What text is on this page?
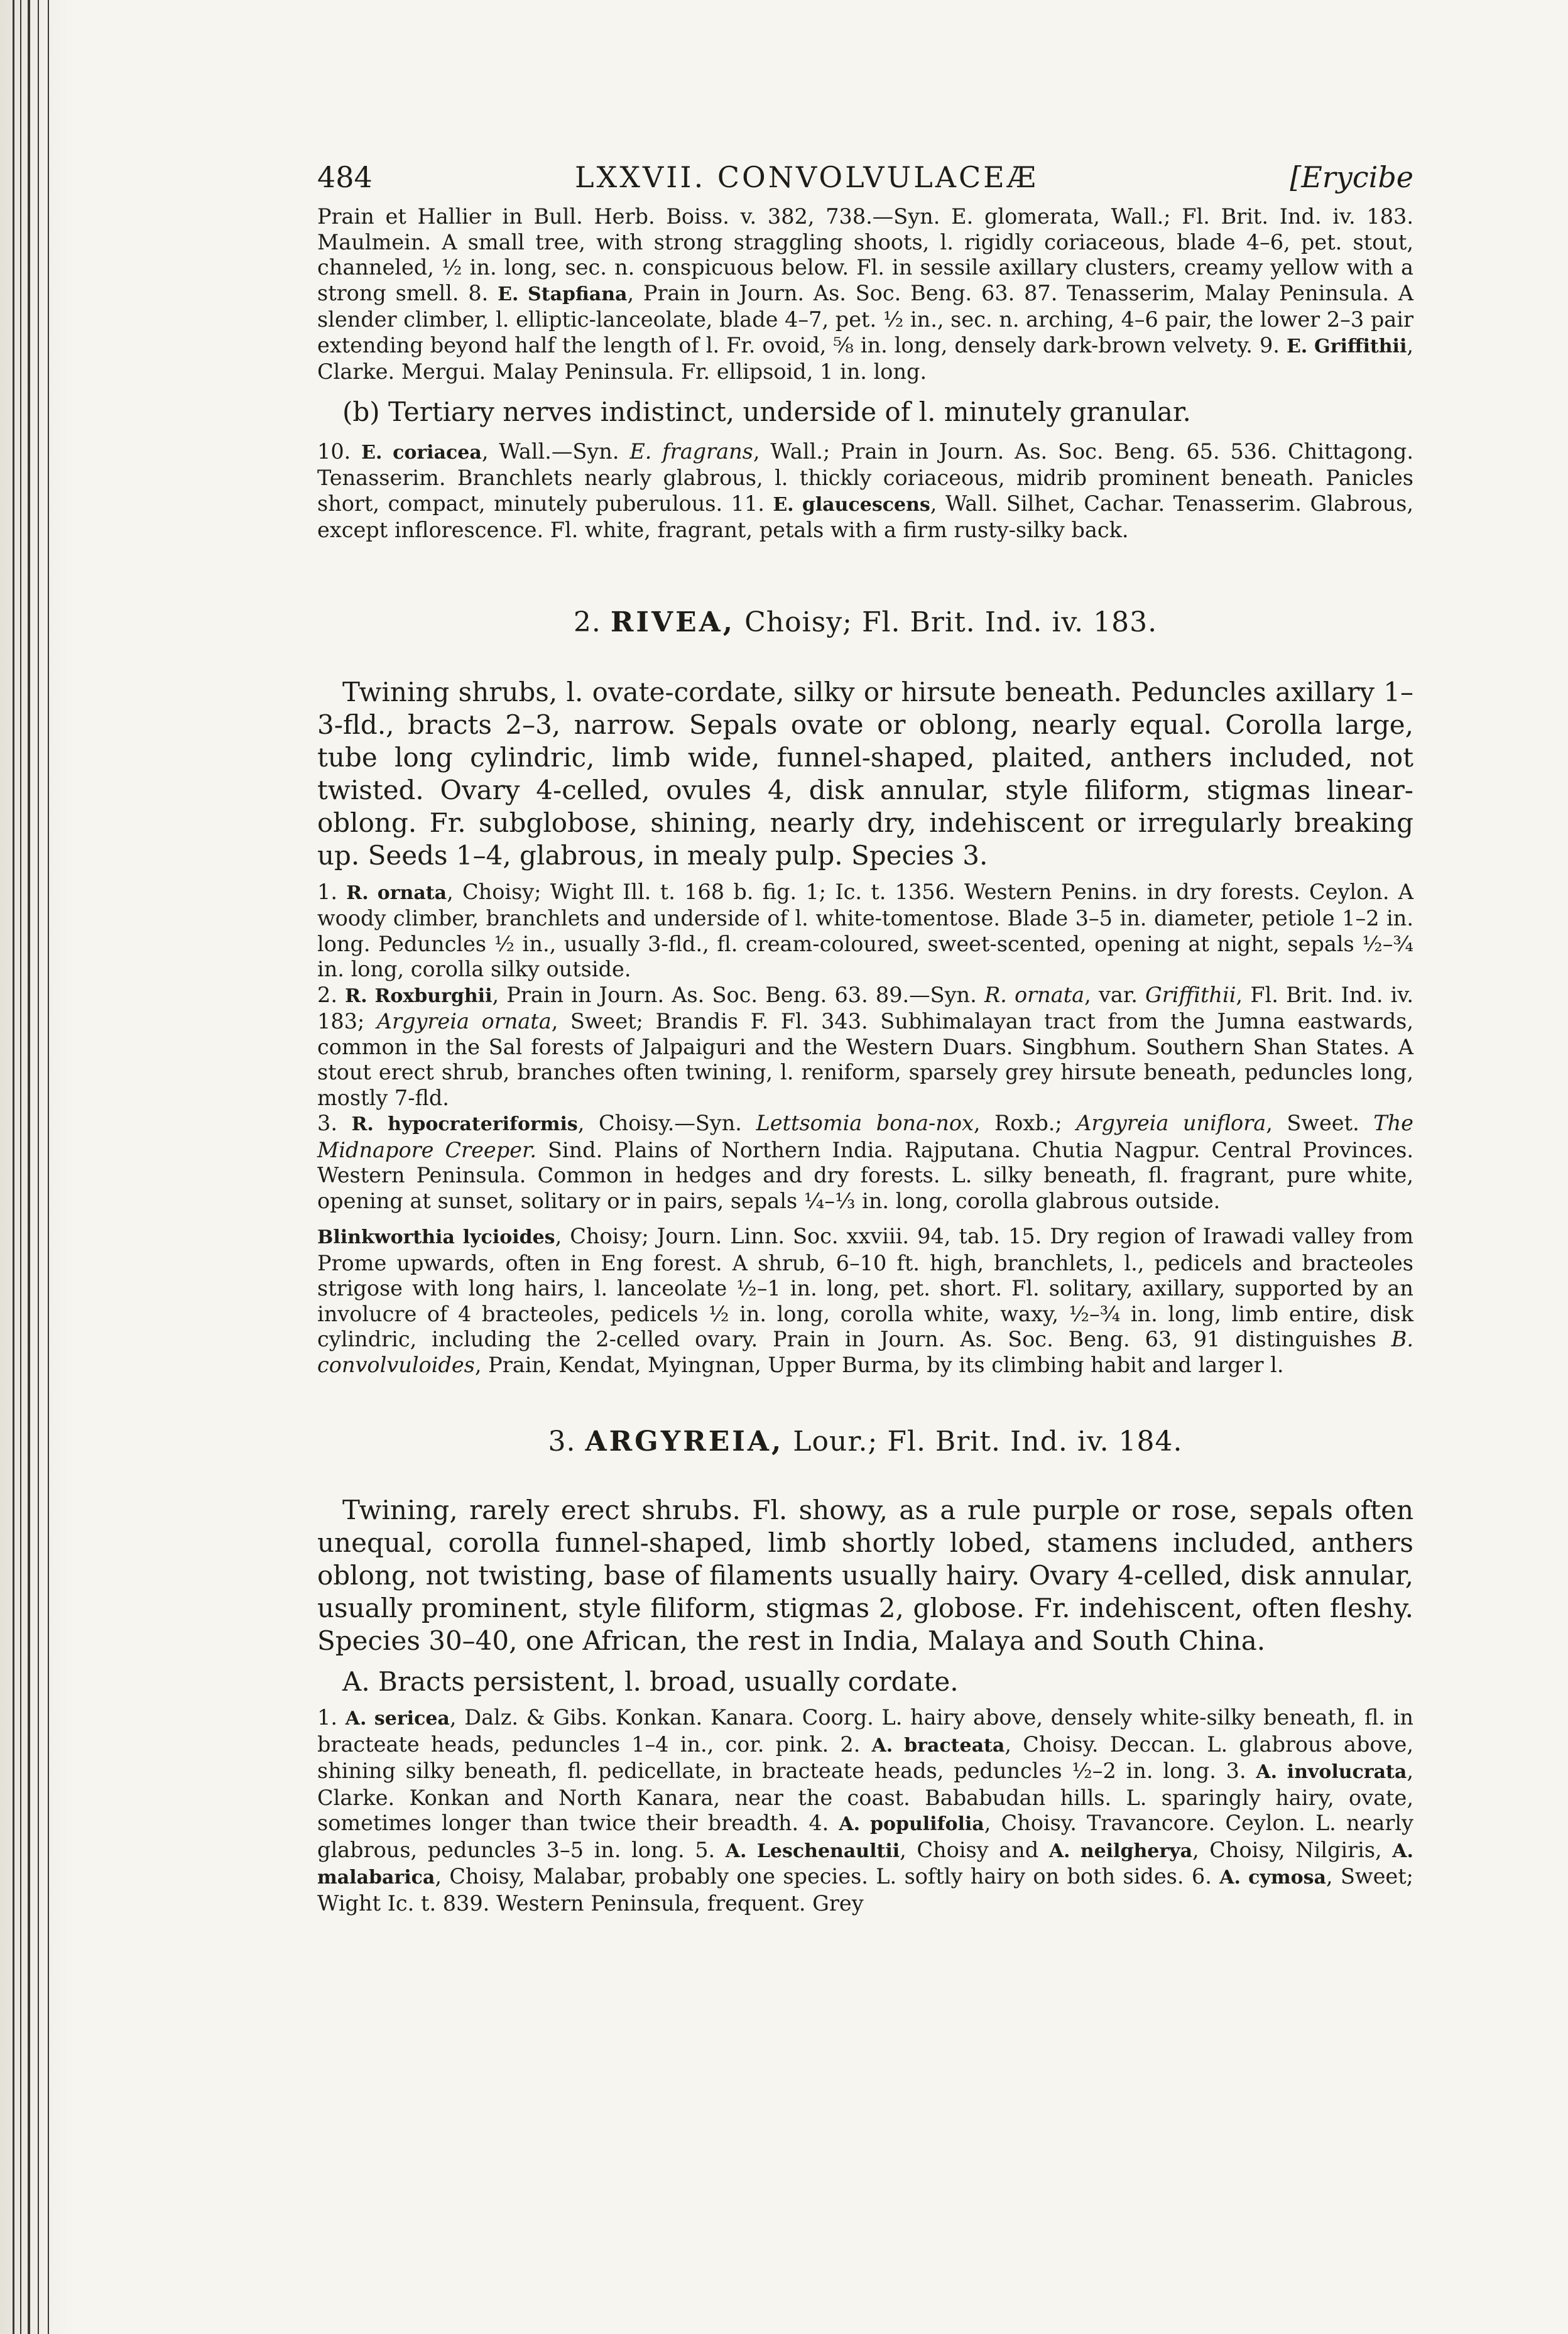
484	LXXVII. CONVOLVULACEÆ	[Erycibe

Prain et Hallier in Bull. Herb. Boiss. v. 382, 738.—Syn. E. glomerata, Wall.; Fl. Brit. Ind. iv. 183. Maulmein. A small tree, with strong straggling shoots, l. rigidly coriaceous, blade 4–6, pet. stout, channeled, ½ in. long, sec. n. conspicuous below. Fl. in sessile axillary clusters, creamy yellow with a strong smell. 8. E. Stapfiana, Prain in Journ. As. Soc. Beng. 63. 87. Tenasserim, Malay Peninsula. A slender climber, l. elliptic-lanceolate, blade 4–7, pet. ½ in., sec. n. arching, 4–6 pair, the lower 2–3 pair extending beyond half the length of l. Fr. ovoid, ⅝ in. long, densely dark-brown velvety. 9. E. Griffithii, Clarke. Mergui. Malay Peninsula. Fr. ellipsoid, 1 in. long.

(b) Tertiary nerves indistinct, underside of l. minutely granular.

10. E. coriacea, Wall.—Syn. E. fragrans, Wall.; Prain in Journ. As. Soc. Beng. 65. 536. Chittagong. Tenasserim. Branchlets nearly glabrous, l. thickly coriaceous, midrib prominent beneath. Panicles short, compact, minutely puberulous. 11. E. glaucescens, Wall. Silhet, Cachar. Tenasserim. Glabrous, except inflorescence. Fl. white, fragrant, petals with a firm rusty-silky back.

2. RIVEA, Choisy; Fl. Brit. Ind. iv. 183.

Twining shrubs, l. ovate-cordate, silky or hirsute beneath. Peduncles axillary 1–3-fld., bracts 2–3, narrow. Sepals ovate or oblong, nearly equal. Corolla large, tube long cylindric, limb wide, funnel-shaped, plaited, anthers included, not twisted. Ovary 4-celled, ovules 4, disk annular, style filiform, stigmas linear-oblong. Fr. subglobose, shining, nearly dry, indehiscent or irregularly breaking up. Seeds 1–4, glabrous, in mealy pulp. Species 3.

1. R. ornata, Choisy; Wight Ill. t. 168 b. fig. 1; Ic. t. 1356. Western Penins. in dry forests. Ceylon. A woody climber, branchlets and underside of l. white-tomentose. Blade 3–5 in. diameter, petiole 1–2 in. long. Peduncles ½ in., usually 3-fld., fl. cream-coloured, sweet-scented, opening at night, sepals ½–¾ in. long, corolla silky outside.

2. R. Roxburghii, Prain in Journ. As. Soc. Beng. 63. 89.—Syn. R. ornata, var. Griffithii, Fl. Brit. Ind. iv. 183; Argyreia ornata, Sweet; Brandis F. Fl. 343. Subhimalayan tract from the Jumna eastwards, common in the Sal forests of Jalpaiguri and the Western Duars. Singbhum. Southern Shan States. A stout erect shrub, branches often twining, l. reniform, sparsely grey hirsute beneath, peduncles long, mostly 7-fld.

3. R. hypocrateriformis, Choisy.—Syn. Lettsomia bona-nox, Roxb.; Argyreia uniflora, Sweet. The Midnapore Creeper. Sind. Plains of Northern India. Rajputana. Chutia Nagpur. Central Provinces. Western Peninsula. Common in hedges and dry forests. L. silky beneath, fl. fragrant, pure white, opening at sunset, solitary or in pairs, sepals ¼–⅓ in. long, corolla glabrous outside.

Blinkworthia lycioides, Choisy; Journ. Linn. Soc. xxviii. 94, tab. 15. Dry region of Irawadi valley from Prome upwards, often in Eng forest. A shrub, 6–10 ft. high, branchlets, l., pedicels and bracteoles strigose with long hairs, l. lanceolate ½–1 in. long, pet. short. Fl. solitary, axillary, supported by an involucre of 4 bracteoles, pedicels ½ in. long, corolla white, waxy, ½–¾ in. long, limb entire, disk cylindric, including the 2-celled ovary. Prain in Journ. As. Soc. Beng. 63, 91 distinguishes B. convolvuloides, Prain, Kendat, Myingnan, Upper Burma, by its climbing habit and larger l.

3. ARGYREIA, Lour.; Fl. Brit. Ind. iv. 184.

Twining, rarely erect shrubs. Fl. showy, as a rule purple or rose, sepals often unequal, corolla funnel-shaped, limb shortly lobed, stamens included, anthers oblong, not twisting, base of filaments usually hairy. Ovary 4-celled, disk annular, usually prominent, style filiform, stigmas 2, globose. Fr. indehiscent, often fleshy. Species 30–40, one African, the rest in India, Malaya and South China.

A. Bracts persistent, l. broad, usually cordate.

1. A. sericea, Dalz. & Gibs. Konkan. Kanara. Coorg. L. hairy above, densely white-silky beneath, fl. in bracteate heads, peduncles 1–4 in., cor. pink. 2. A. bracteata, Choisy. Deccan. L. glabrous above, shining silky beneath, fl. pedicellate, in bracteate heads, peduncles ½–2 in. long. 3. A. involucrata, Clarke. Konkan and North Kanara, near the coast. Bababudan hills. L. sparingly hairy, ovate, sometimes longer than twice their breadth. 4. A. populifolia, Choisy. Travancore. Ceylon. L. nearly glabrous, peduncles 3–5 in. long. 5. A. Leschenaultii, Choisy and A. neilgherya, Choisy, Nilgiris, A. malabarica, Choisy, Malabar, probably one species. L. softly hairy on both sides. 6. A. cymosa, Sweet; Wight Ic. t. 839. Western Peninsula, frequent. Grey
